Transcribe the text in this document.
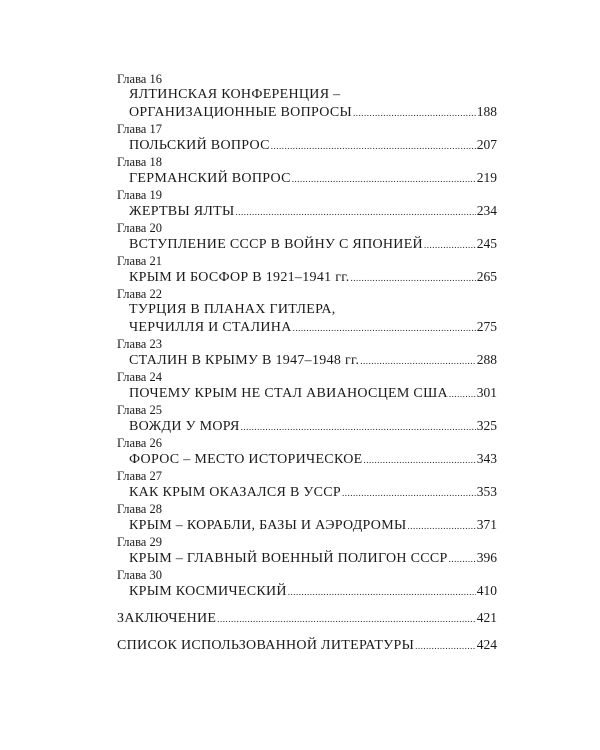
Глава 16
ЯЛТИНСКАЯ КОНФЕРЕНЦИЯ –
ОРГАНИЗАЦИОННЫЕ ВОПРОСЫ .....	188
Глава 17
ПОЛЬСКИЙ ВОПРОС .....	207
Глава 18
ГЕРМАНСКИЙ ВОПРОС .....	219
Глава 19
ЖЕРТВЫ ЯЛТЫ .....	234
Глава 20
ВСТУПЛЕНИЕ СССР В ВОЙНУ С ЯПОНИЕЙ .....	245
Глава 21
КРЫМ И БОСФОР В 1921–1941 гг. .....	265
Глава 22
ТУРЦИЯ В ПЛАНАХ ГИТЛЕРА,
ЧЕРЧИЛЛЯ И СТАЛИНА .....	275
Глава 23
СТАЛИН В КРЫМУ В 1947–1948 гг. .....	288
Глава 24
ПОЧЕМУ КРЫМ НЕ СТАЛ АВИАНОСЦЕМ США ..... 301
Глава 25
ВОЖДИ У МОРЯ .....	325
Глава 26
ФОРОС – МЕСТО ИСТОРИЧЕСКОЕ .....	343
Глава 27
КАК КРЫМ ОКАЗАЛСЯ В УССР .....	353
Глава 28
КРЫМ – КОРАБЛИ, БАЗЫ И АЭРОДРОМЫ .....	371
Глава 29
КРЫМ – ГЛАВНЫЙ ВОЕННЫЙ ПОЛИГОН СССР ..... 396
Глава 30
КРЫМ КОСМИЧЕСКИЙ .....	410
ЗАКЛЮЧЕНИЕ .....	421
СПИСОК ИСПОЛЬЗОВАННОЙ ЛИТЕРАТУРЫ .....	424
